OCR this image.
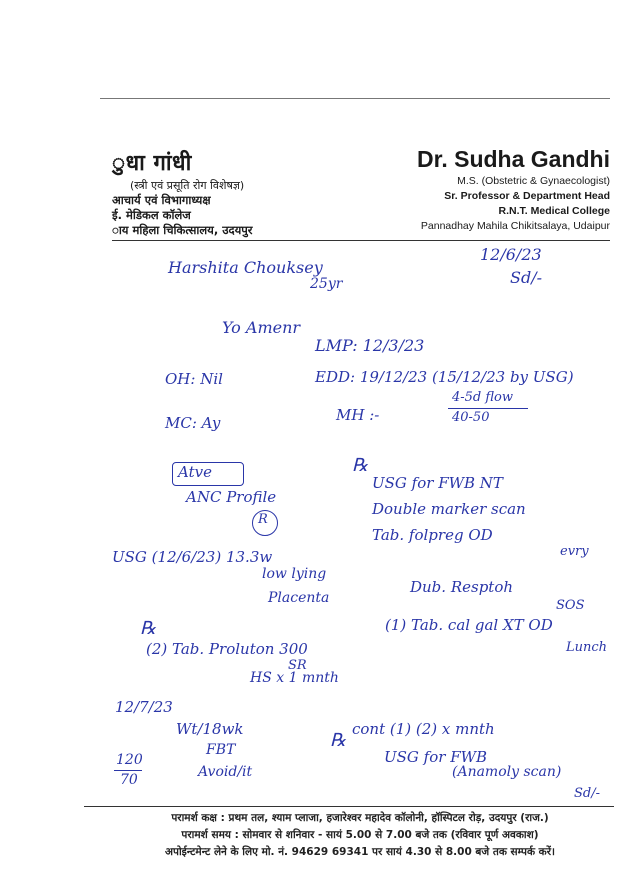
ुधा गांधी
(स्त्री एवं प्रसूति रोग विशेषज्ञ)
आचार्य एवं विभागाध्यक्ष
ई. मेडिकल कॉलेज
ाय महिला चिकित्सालय, उदयपुर
Dr. Sudha Gandhi
M.S. (Obstetric & Gynaecologist)
Sr. Professor & Department Head
R.N.T. Medical College
Pannadhay Mahila Chikitsalaya, Udaipur
12/6/23
Sd/-
Harshita Chouksey
25yr
Yo Amenr
LMP: 12/3/23
EDD: 19/12/23 (15/12/23 by USG)
OH: Nil
MH :-
4-5d flow
40-50
MC: Ay
Atve	℞
ANC Profile
R
USG for FWB NT
Double marker scan
Tab. folpreg OD
evry
USG (12/6/23) 13.3w
low lying
Placenta
Dub. Resptoh
SOS
(1) Tab. cal gal XT OD
Lunch
℞
(2) Tab. Proluton 300
SR
HS x 1 mnth
12/7/23
Wt/18wk
FBT
Avoid/it
120
70
℞
cont (1) (2) x mnth
USG for FWB
(Anamoly scan)
Sd/-
परामर्श कक्ष : प्रथम तल, श्याम प्लाजा, हजारेश्वर महादेव कॉलोनी, हॉस्पिटल रोड़, उदयपुर (राज.)
परामर्श समय : सोमवार से शनिवार - सायं 5.00 से 7.00 बजे तक (रविवार पूर्ण अवकाश)
अपोईन्टमेन्ट लेने के लिए मो. नं. 94629 69341 पर सायं 4.30 से 8.00 बजे तक सम्पर्क करें।
